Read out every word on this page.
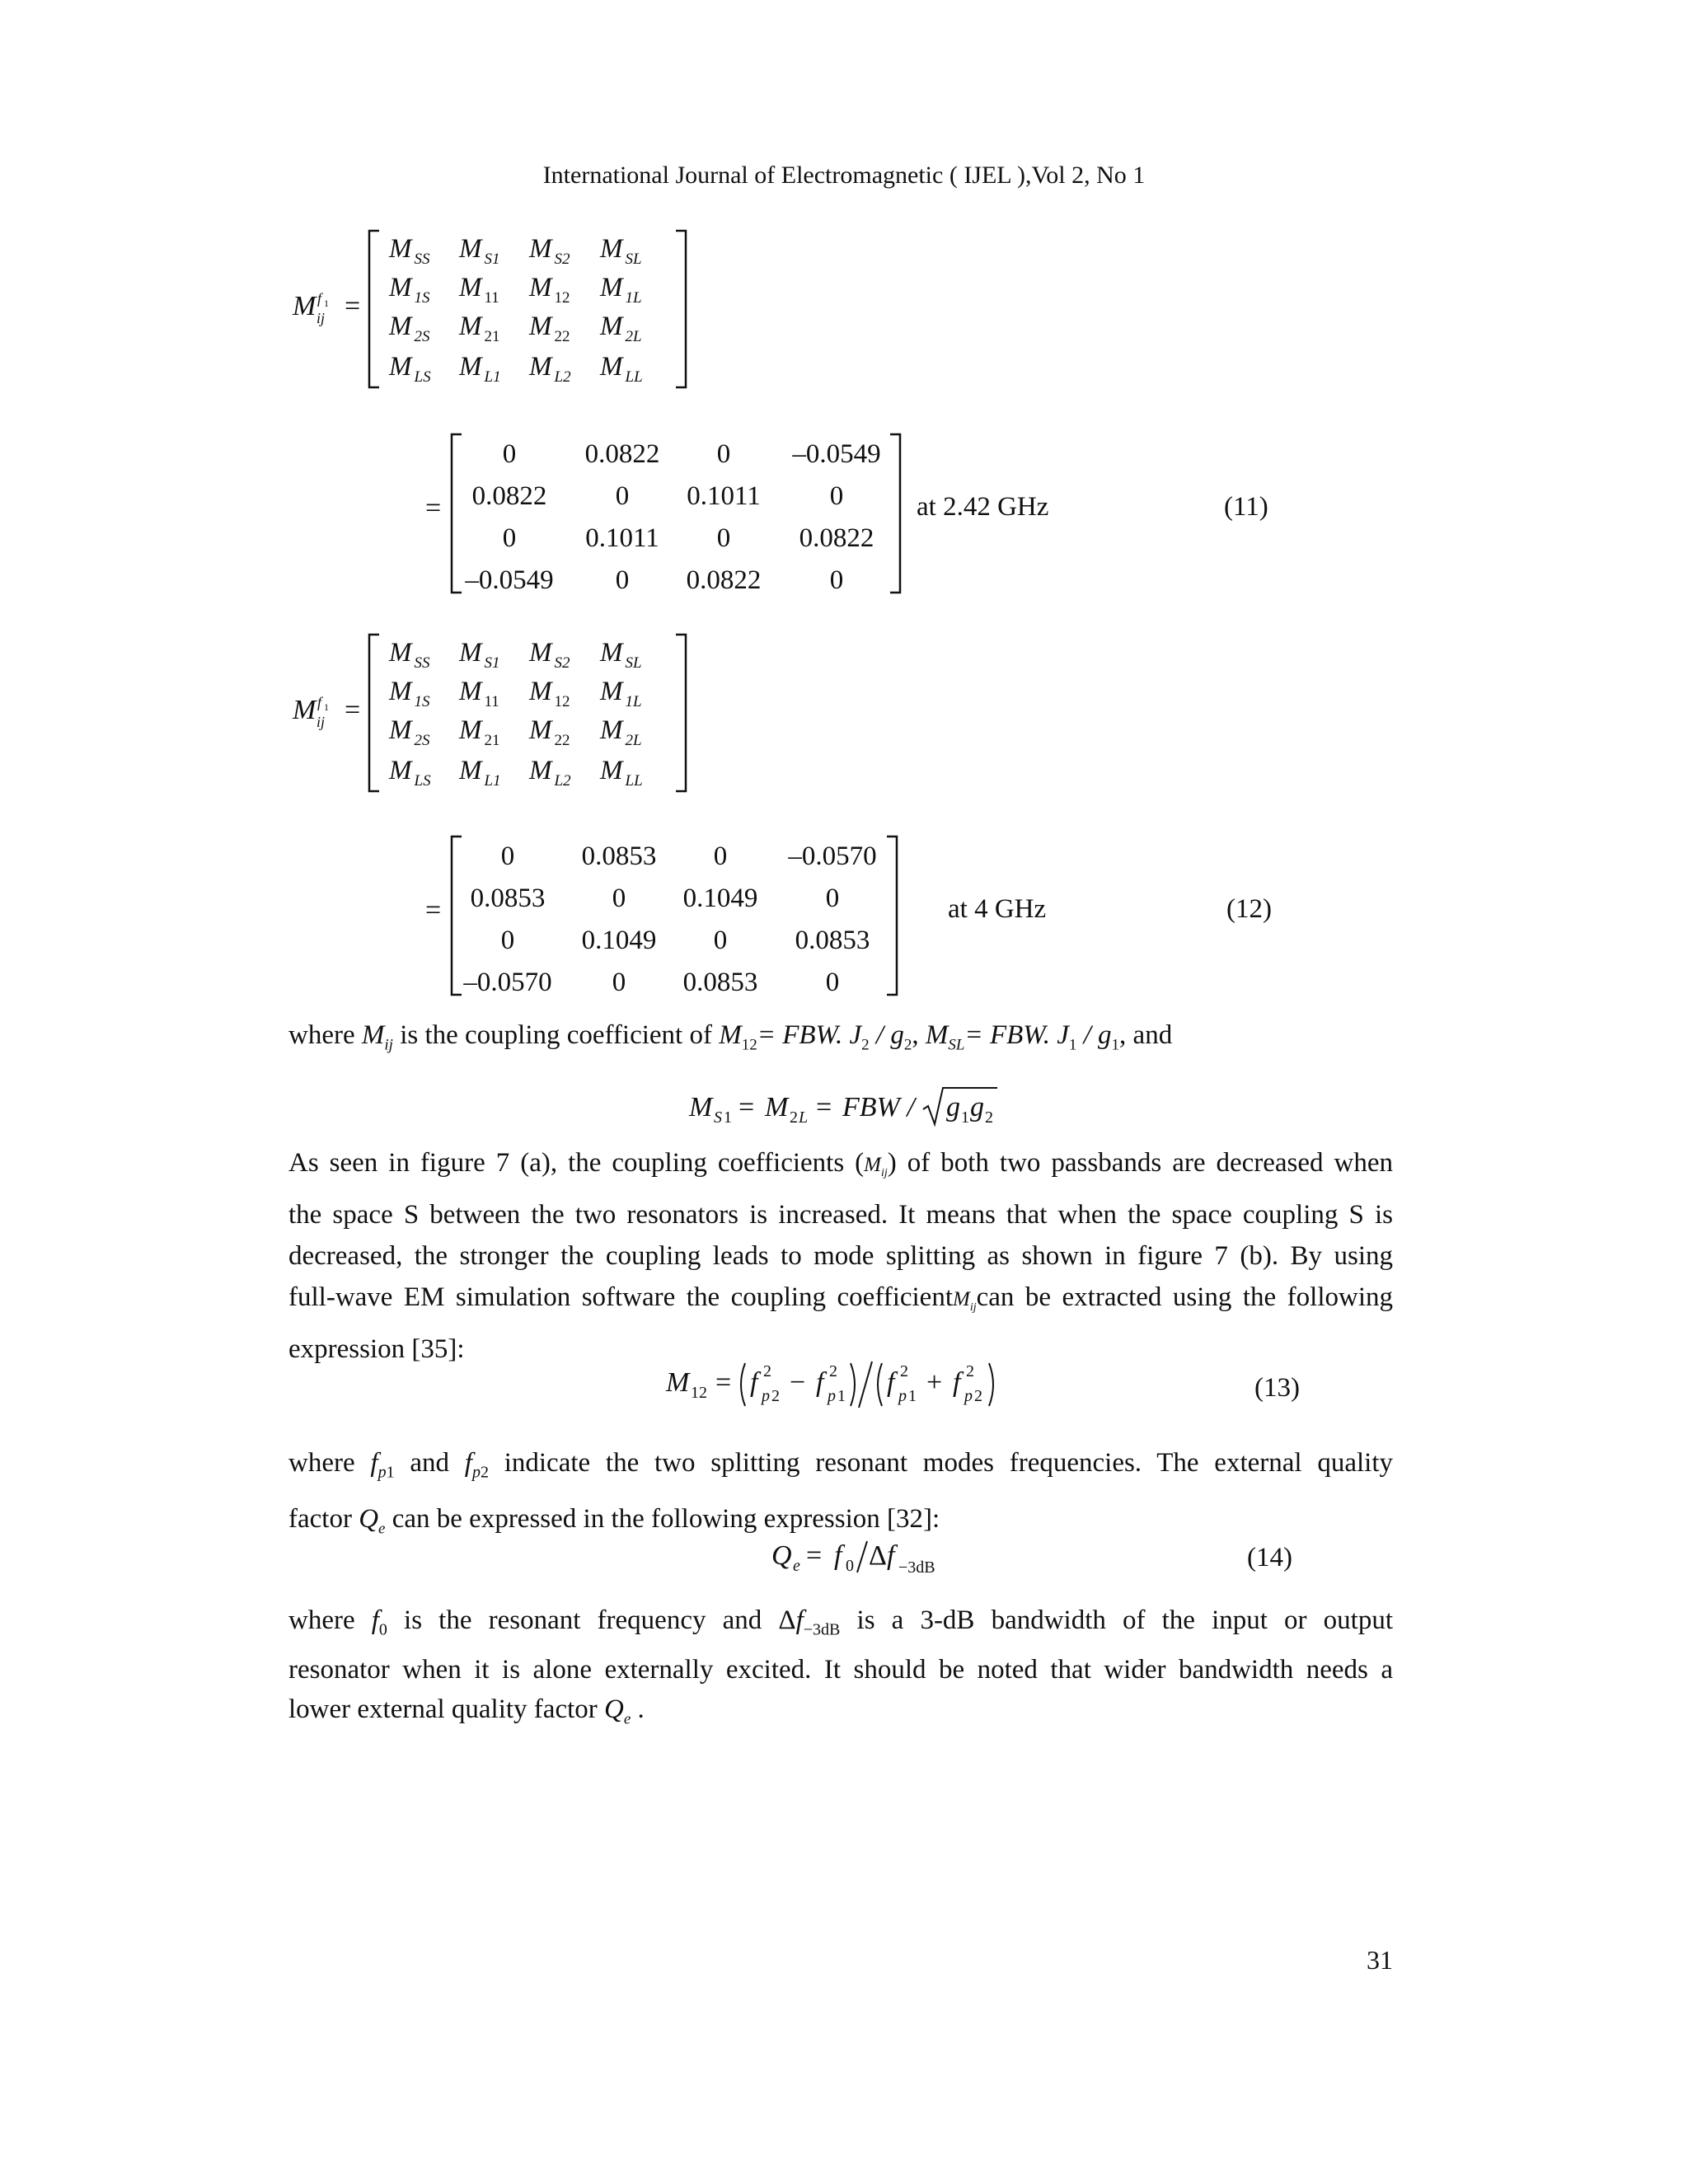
International Journal of Electromagnetic ( IJEL ),Vol 2, No 1
M f 1
ij =
M $_{SS}$ M $_{S1}$ M $_{S2}$ M $_{SL}$
M $_{1S}$ M $_{11}$ M $_{12}$ M $_{1L}$
M $_{2S}$ M $_{21}$ M $_{22}$ M $_{2L}$
M $_{LS}$ M $_{L1}$ M $_{L2}$ M $_{LL}$
=
0	0.0822 0 –0.0549
0.0822	0 0.1011	0
0	0.1011 0	0.0822
–0.0549 0 0.0822	0
at 2.42 GHz	(11)
M f 1
ij =
M $_{SS}$ M $_{S1}$ M $_{S2}$ M $_{SL}$
M $_{1S}$ M $_{11}$ M $_{12}$ M $_{1L}$
M $_{2S}$ M $_{21}$ M $_{22}$ M $_{2L}$
M $_{LS}$ M $_{L1}$ M $_{L2}$ M $_{LL}$
=
0 0.0853 0 –0.0570
0.0853 0 0.1049 0
0 0.1049 0 0.0853
–0.0570 0 0.0853 0
at 4 GHz	(12)
where $M_{ij}$ is the coupling coefficient of $M_{12}=$ FBW. $J_2 / g_2$, $M_{SL}=$ FBW. $J_1 / g_1$, and
M S 1 = M 2 L = FBW / g 1 g 2
As seen in figure 7 (a), the coupling coefficients $(M_{ij})$ of both two passbands are decreased when
the space S between the two resonators is increased. It means that when the space coupling S is
decreased, the stronger the coupling leads to mode splitting as shown in figure 7 (b). By using
full-wave EM simulation software the coupling coefficientM$_{ij}$can be extracted using the following
expression [35]:
M 12 = f 2
p 2 − f 2
p 1 f 2
p 1 + f 2
p 2	(13)
where $f_{p1}$ and $f_{p2}$ indicate the two splitting resonant modes frequencies. The external quality
factor $Q_e$ can be expressed in the following expression [32]:
Q e = f 0 Δ f −3dB	(14)
where $f_0$ is the resonant frequency and $\Delta f_{-3dB}$ is a 3-dB bandwidth of the input or output
resonator when it is alone externally excited. It should be noted that wider bandwidth needs a
lower external quality factor $Q_e$ .
31
